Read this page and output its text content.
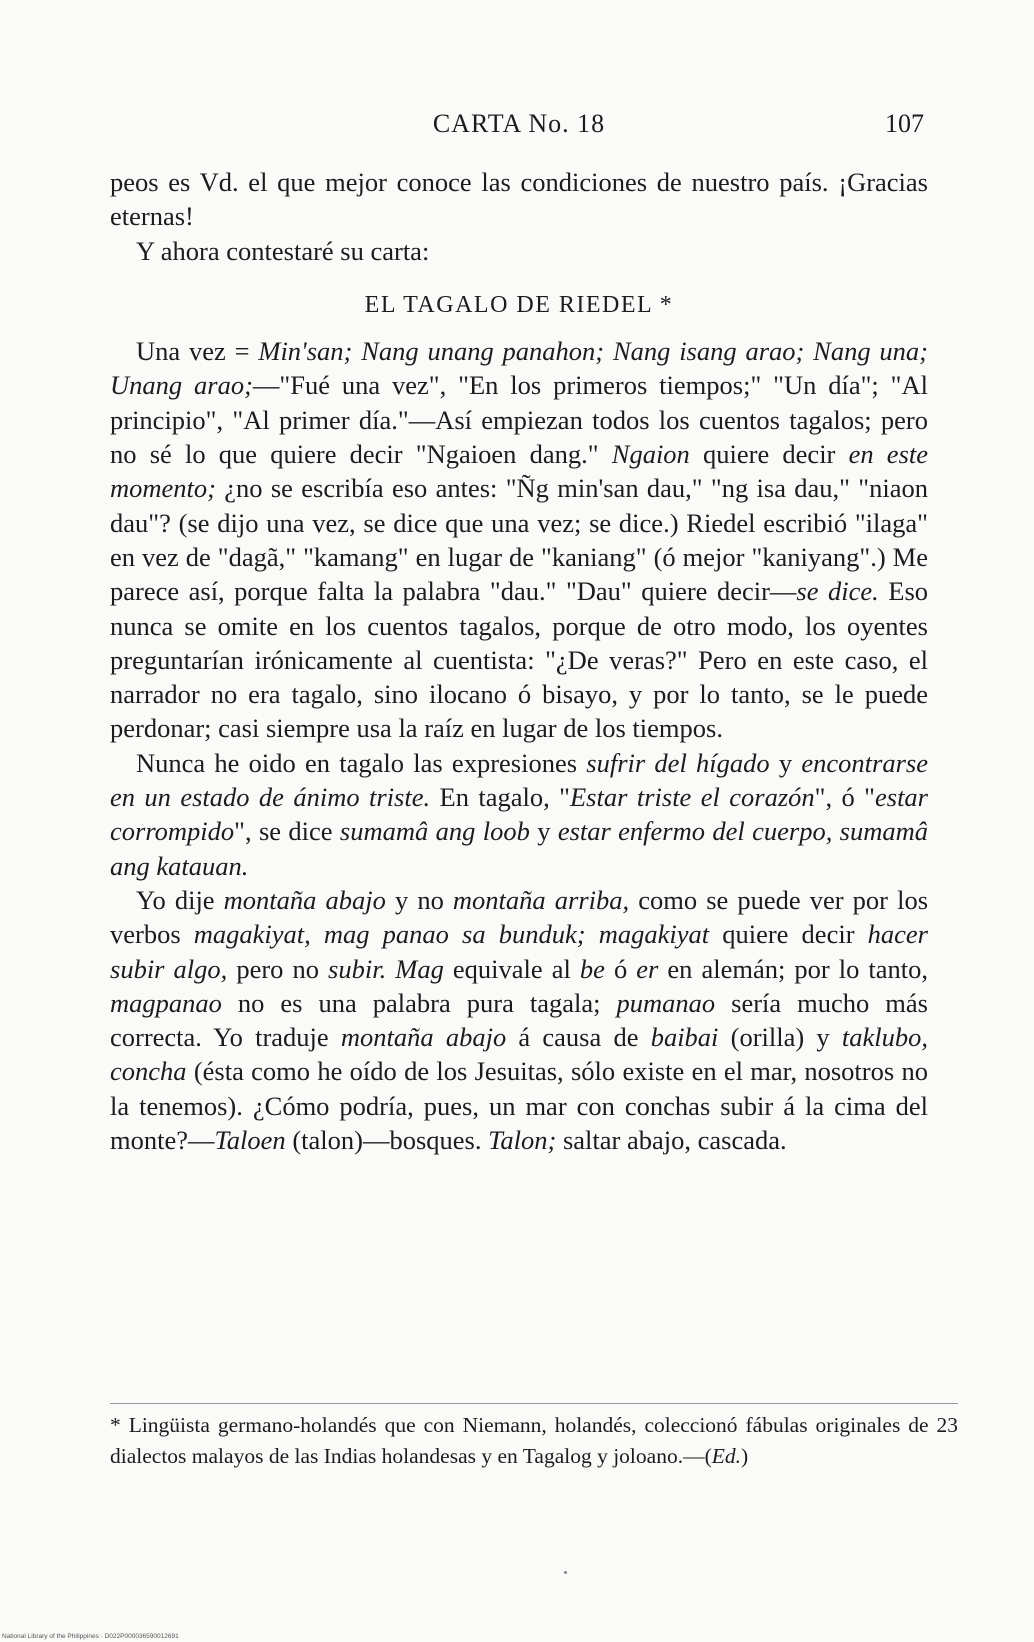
CARTA No. 18	107

peos es Vd. el que mejor conoce las condiciones de nuestro país. ¡Gracias eternas!

Y ahora contestaré su carta:

EL TAGALO DE RIEDEL *

Una vez = Min'san; Nang unang panahon; Nang isang arao; Nang una; Unang arao;—"Fué una vez", "En los primeros tiempos;" "Un día"; "Al principio", "Al primer día."—Así empiezan todos los cuentos tagalos; pero no sé lo que quiere decir "Ngaioen dang." Ngaion quiere decir en este momento; ¿no se escribía eso antes: "Ñg min'san dau," "ng isa dau," "niaon dau"? (se dijo una vez, se dice que una vez; se dice.) Riedel escribió "ilaga" en vez de "dagã," "kamang" en lugar de "kaniang" (ó mejor "kaniyang".) Me parece así, porque falta la palabra "dau." "Dau" quiere decir—se dice. Eso nunca se omite en los cuentos tagalos, porque de otro modo, los oyentes preguntarían irónicamente al cuentista: "¿De veras?" Pero en este caso, el narrador no era tagalo, sino ilocano ó bisayo, y por lo tanto, se le puede perdonar; casi siempre usa la raíz en lugar de los tiempos.

Nunca he oido en tagalo las expresiones sufrir del hígado y encontrarse en un estado de ánimo triste. En tagalo, "Estar triste el corazón", ó "estar corrompido", se dice sumamâ ang loob y estar enfermo del cuerpo, sumamâ ang katauan.

Yo dije montaña abajo y no montaña arriba, como se puede ver por los verbos magakiyat, mag panao sa bunduk; magakiyat quiere decir hacer subir algo, pero no subir. Mag equivale al be ó er en alemán; por lo tanto, magpanao no es una palabra pura tagala; pumanao sería mucho más correcta. Yo traduje montaña abajo á causa de baibai (orilla) y taklubo, concha (ésta como he oído de los Jesuitas, sólo existe en el mar, nosotros no la tenemos). ¿Cómo podría, pues, un mar con conchas subir á la cima del monte?—Taloen (talon)—bosques. Talon; saltar abajo, cascada.

* Lingüista germano-holandés que con Niemann, holandés, coleccionó fábulas originales de 23 dialectos malayos de las Indias holandesas y en Tagalog y joloano.—(Ed.)

National Library of the Philippines · D022P000036590012691
